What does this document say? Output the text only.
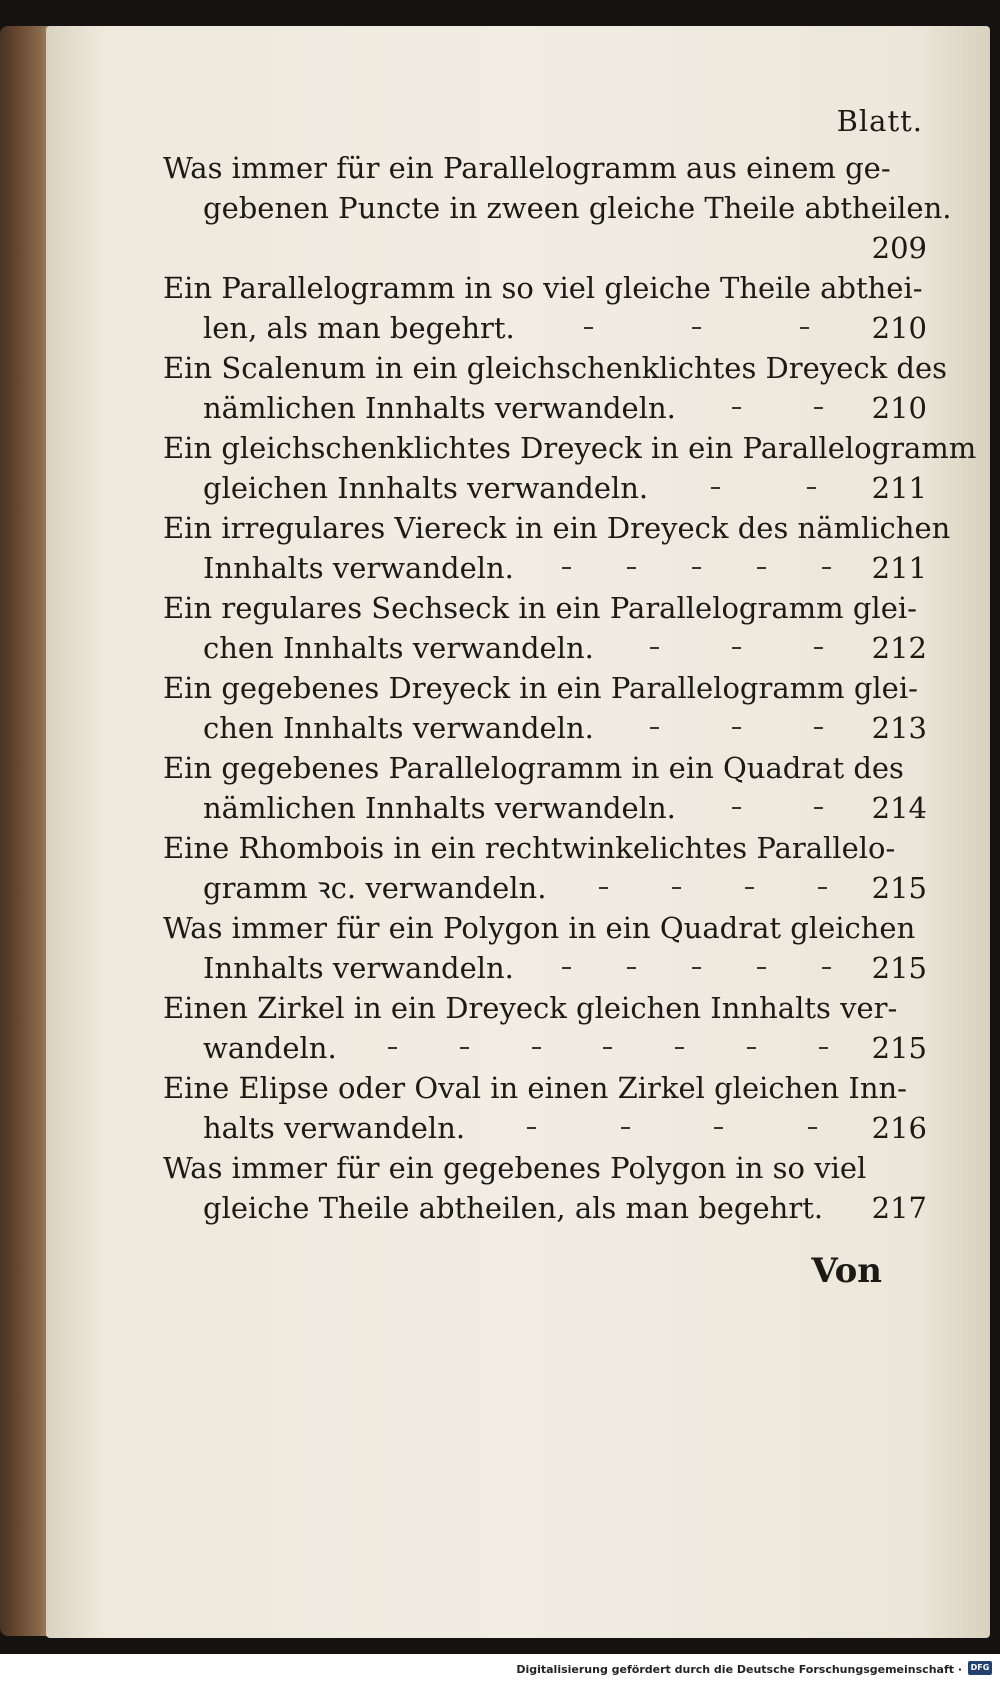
Blatt.
Was immer für ein Parallelogramm aus einem ge-
gebenen Puncte in zween gleiche Theile abtheilen.
209
Ein Parallelogramm in so viel gleiche Theile abthei-
len, als man begehrt.	210
Ein Scalenum in ein gleichschenklichtes Dreyeck des
nämlichen Innhalts verwandeln.	210
Ein gleichschenklichtes Dreyeck in ein Parallelogramm
gleichen Innhalts verwandeln.	211
Ein irregulares Viereck in ein Dreyeck des nämlichen
Innhalts verwandeln.	211
Ein regulares Sechseck in ein Parallelogramm glei-
chen Innhalts verwandeln.	212
Ein gegebenes Dreyeck in ein Parallelogramm glei-
chen Innhalts verwandeln.	213
Ein gegebenes Parallelogramm in ein Quadrat des
nämlichen Innhalts verwandeln.	214
Eine Rhombois in ein rechtwinkelichtes Parallelo-
gramm ꝛc. verwandeln.	215
Was immer für ein Polygon in ein Quadrat gleichen
Innhalts verwandeln.	215
Einen Zirkel in ein Dreyeck gleichen Innhalts ver-
wandeln.	215
Eine Elipse oder Oval in einen Zirkel gleichen Inn-
halts verwandeln.	216
Was immer für ein gegebenes Polygon in so viel
gleiche Theile abtheilen, als man begehrt. 217
Von
Digitalisierung gefördert durch die Deutsche Forschungsgemeinschaft ·	DFG
